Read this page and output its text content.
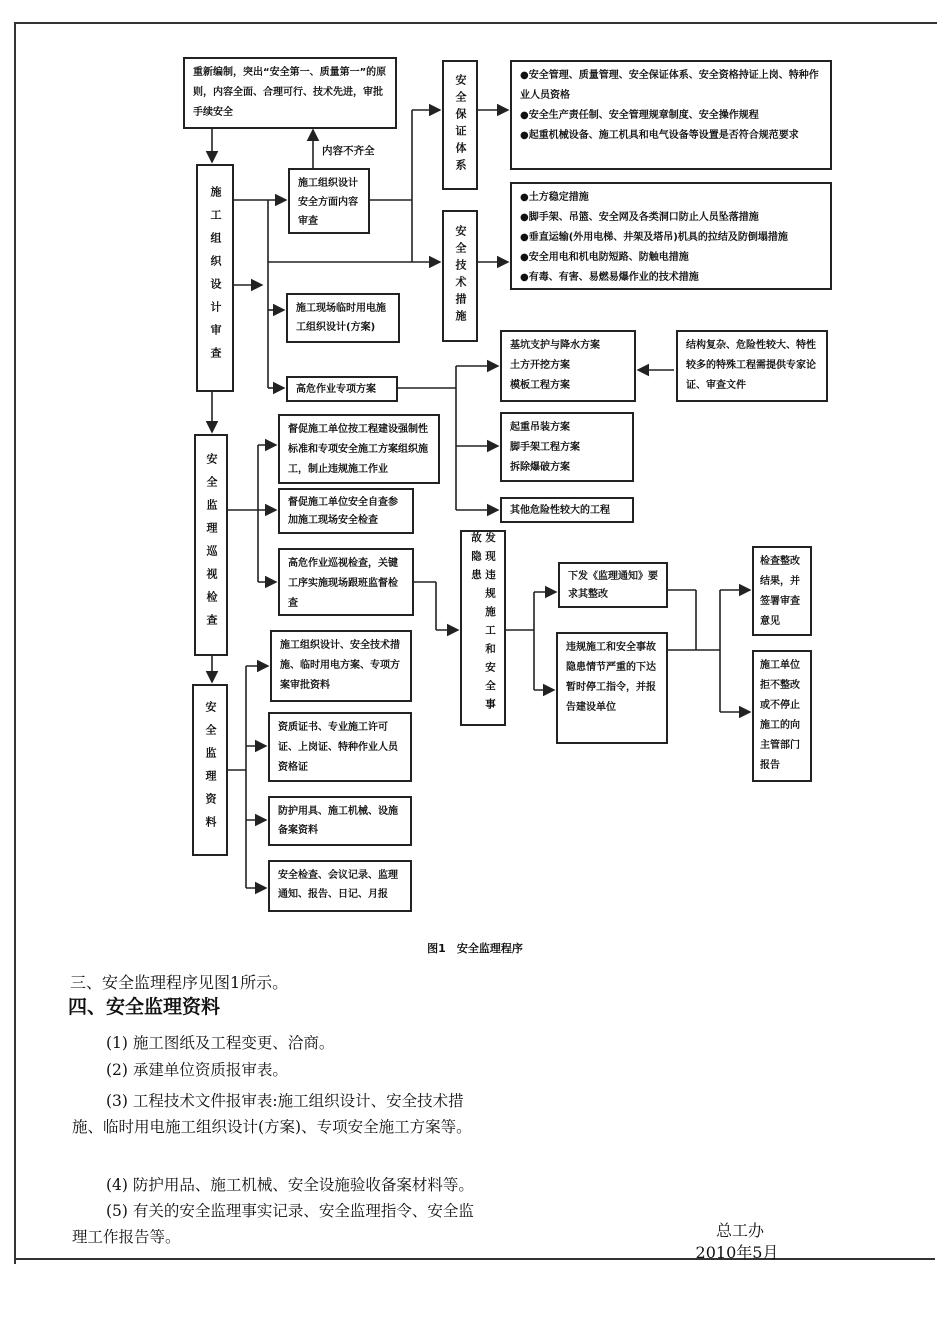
重新编制，突出“安全第一、质量第一”的原则，内容全面、合理可行、技术先进，审批手续安全
内容不齐全
施工组织设计审查
施工组织设计安全方面内容审查
施工现场临时用电施工组织设计(方案)
高危作业专项方案
安全保证体系	●安全管理、质量管理、安全保证体系、安全资格持证上岗、特种作业人员资格
●安全生产责任制、安全管理规章制度、安全操作规程
●起重机械设备、施工机具和电气设备等设置是否符合规范要求
安全技术措施
●土方稳定措施
●脚手架、吊篮、安全网及各类洞口防止人员坠落措施
●垂直运输(外用电梯、井架及塔吊)机具的拉结及防倒塌措施
●安全用电和机电防短路、防触电措施
●有毒、有害、易燃易爆作业的技术措施
基坑支护与降水方案
土方开挖方案
模板工程方案
起重吊装方案
脚手架工程方案
拆除爆破方案
其他危险性较大的工程
结构复杂、危险性较大、特性较多的特殊工程需提供专家论证、审查文件
安全监理巡视检查
督促施工单位按工程建设强制性标准和专项安全施工方案组织施工，制止违规施工作业
督促施工单位安全自查参加施工现场安全检查
高危作业巡视检查，关键工序实施现场跟班监督检查	发现违规施工和安全事故隐患	下发《监理通知》要求其整改
违规施工和安全事故隐患情节严重的下达暂时停工指令，并报告建设单位
检查整改结果，并签署审查意见
施工单位拒不整改或不停止施工的向主管部门报告
安全监理资料
施工组织设计、安全技术措施、临时用电方案、专项方案审批资料
资质证书、专业施工许可证、上岗证、特种作业人员资格证
防护用具、施工机械、设施备案资料
安全检查、会议记录、监理通知、报告、日记、月报
图1　安全监理程序
三、安全监理程序见图1所示。
四、安全监理资料
(1) 施工图纸及工程变更、洽商。
(2) 承建单位资质报审表。
(3) 工程技术文件报审表:施工组织设计、安全技术措施、临时用电施工组织设计(方案)、专项安全施工方案等。
(4) 防护用品、施工机械、安全设施验收备案材料等。
(5) 有关的安全监理事实记录、安全监理指令、安全监理工作报告等。	总工办
2010年5月
